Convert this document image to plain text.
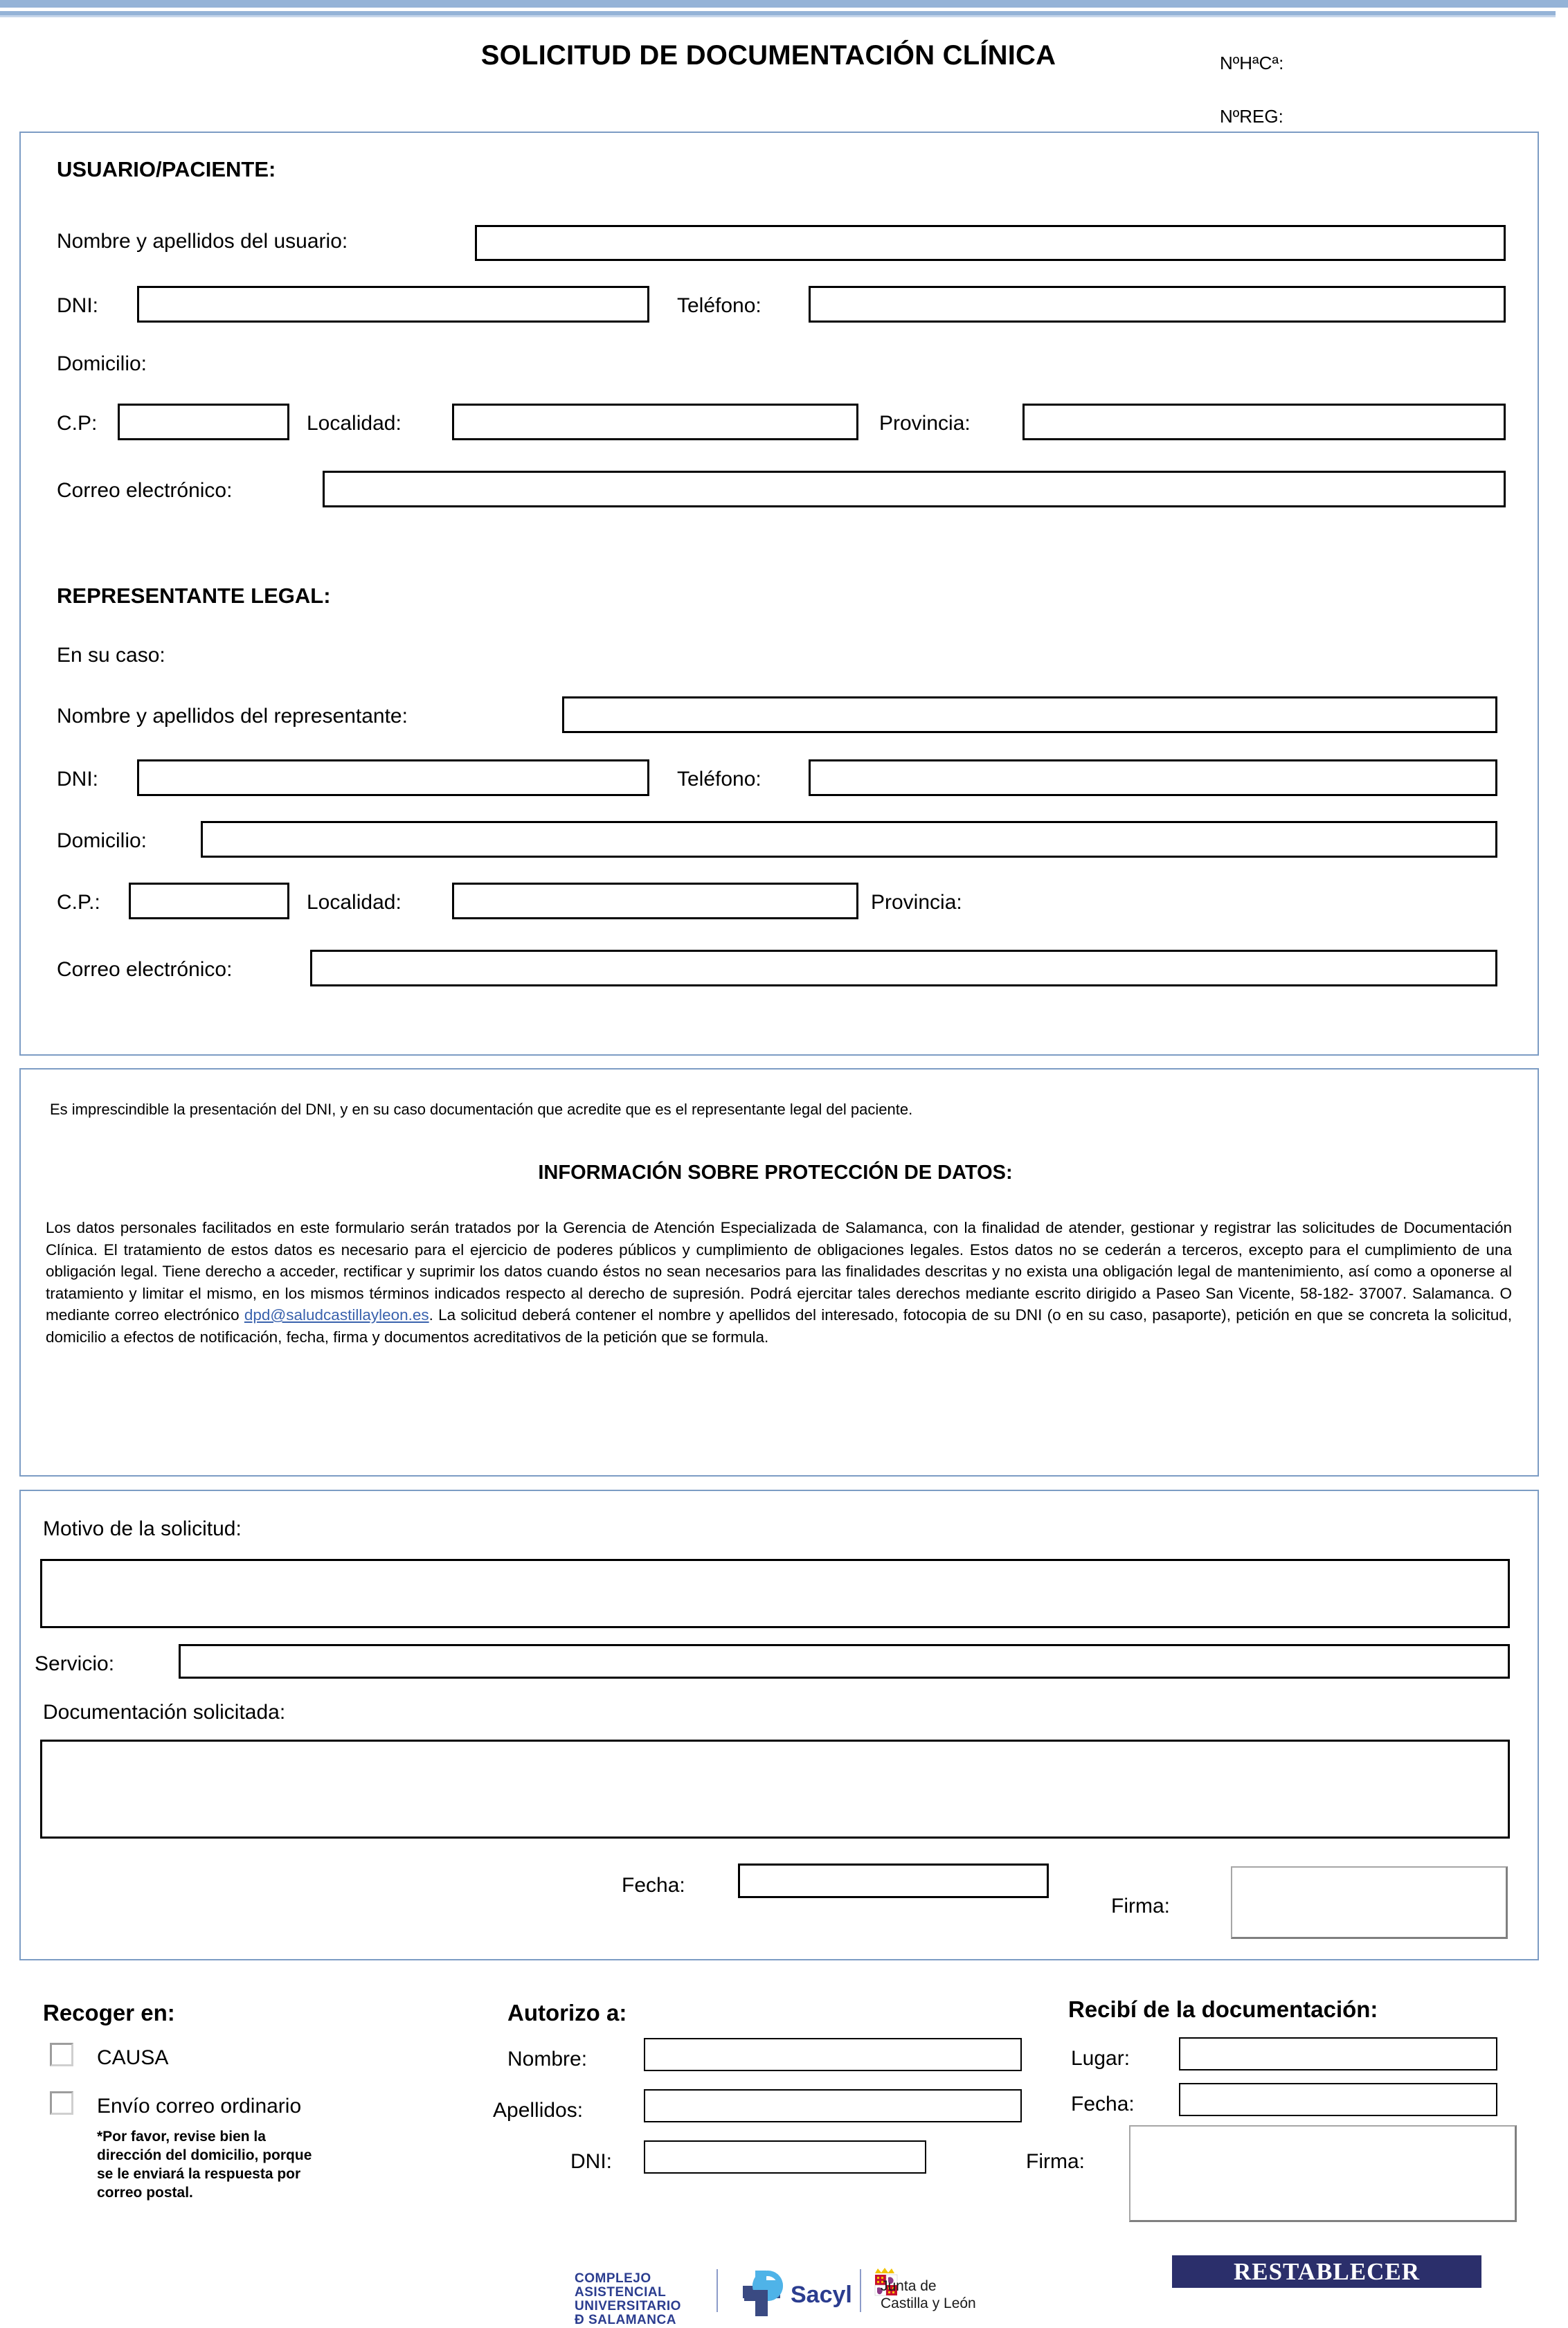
SOLICITUD DE DOCUMENTACIÓN CLÍNICA	NºHªCª:
NºREG:
USUARIO/PACIENTE:
Nombre y apellidos del usuario:
DNI:	Teléfono:
Domicilio:
C.P:	Localidad:	Provincia:
Correo electrónico:
REPRESENTANTE LEGAL:
En su caso:
Nombre y apellidos del representante:
DNI:	Teléfono:
Domicilio:
C.P.:	Localidad:	Provincia:
Correo electrónico:
Es imprescindible la presentación del DNI, y en su caso documentación que acredite que es el representante legal del paciente.
INFORMACIÓN SOBRE PROTECCIÓN DE DATOS:
Los datos personales facilitados en este formulario serán tratados por la Gerencia de Atención Especializada de Salamanca, con la finalidad de atender, gestionar y registrar las solicitudes de Documentación Clínica. El tratamiento de estos datos es necesario para el ejercicio de poderes públicos y cumplimiento de obligaciones legales. Estos datos no se cederán a terceros, excepto para el cumplimiento de una obligación legal. Tiene derecho a acceder, rectificar y suprimir los datos cuando éstos no sean necesarios para las finalidades descritas y no exista una obligación legal de mantenimiento, así como a oponerse al tratamiento y limitar el mismo, en los mismos términos indicados respecto al derecho de supresión. Podrá ejercitar tales derechos mediante escrito dirigido a Paseo San Vicente, 58-182- 37007. Salamanca. O mediante correo electrónico dpd@saludcastillayleon.es. La solicitud deberá contener el nombre y apellidos del interesado, fotocopia de su DNI (o en su caso, pasaporte), petición en que se concreta la solicitud, domicilio a efectos de notificación, fecha, firma y documentos acreditativos de la petición que se formula.
Motivo de la solicitud:
Servicio:
Documentación solicitada:
Fecha:
Firma:
Recoger en:
CAUSA
Envío correo ordinario
*Por favor, revise bien la dirección del domicilio, porque se le enviará la respuesta por correo postal.
Autorizo a:
Nombre:
Apellidos:
DNI:
Recibí de la documentación:
Lugar:
Fecha:
Firma:
COMPLEJO
ASISTENCIAL
UNIVERSITARIO
Ð SALAMANCA
Sacyl Junta de
Castilla y León
RESTABLECER
